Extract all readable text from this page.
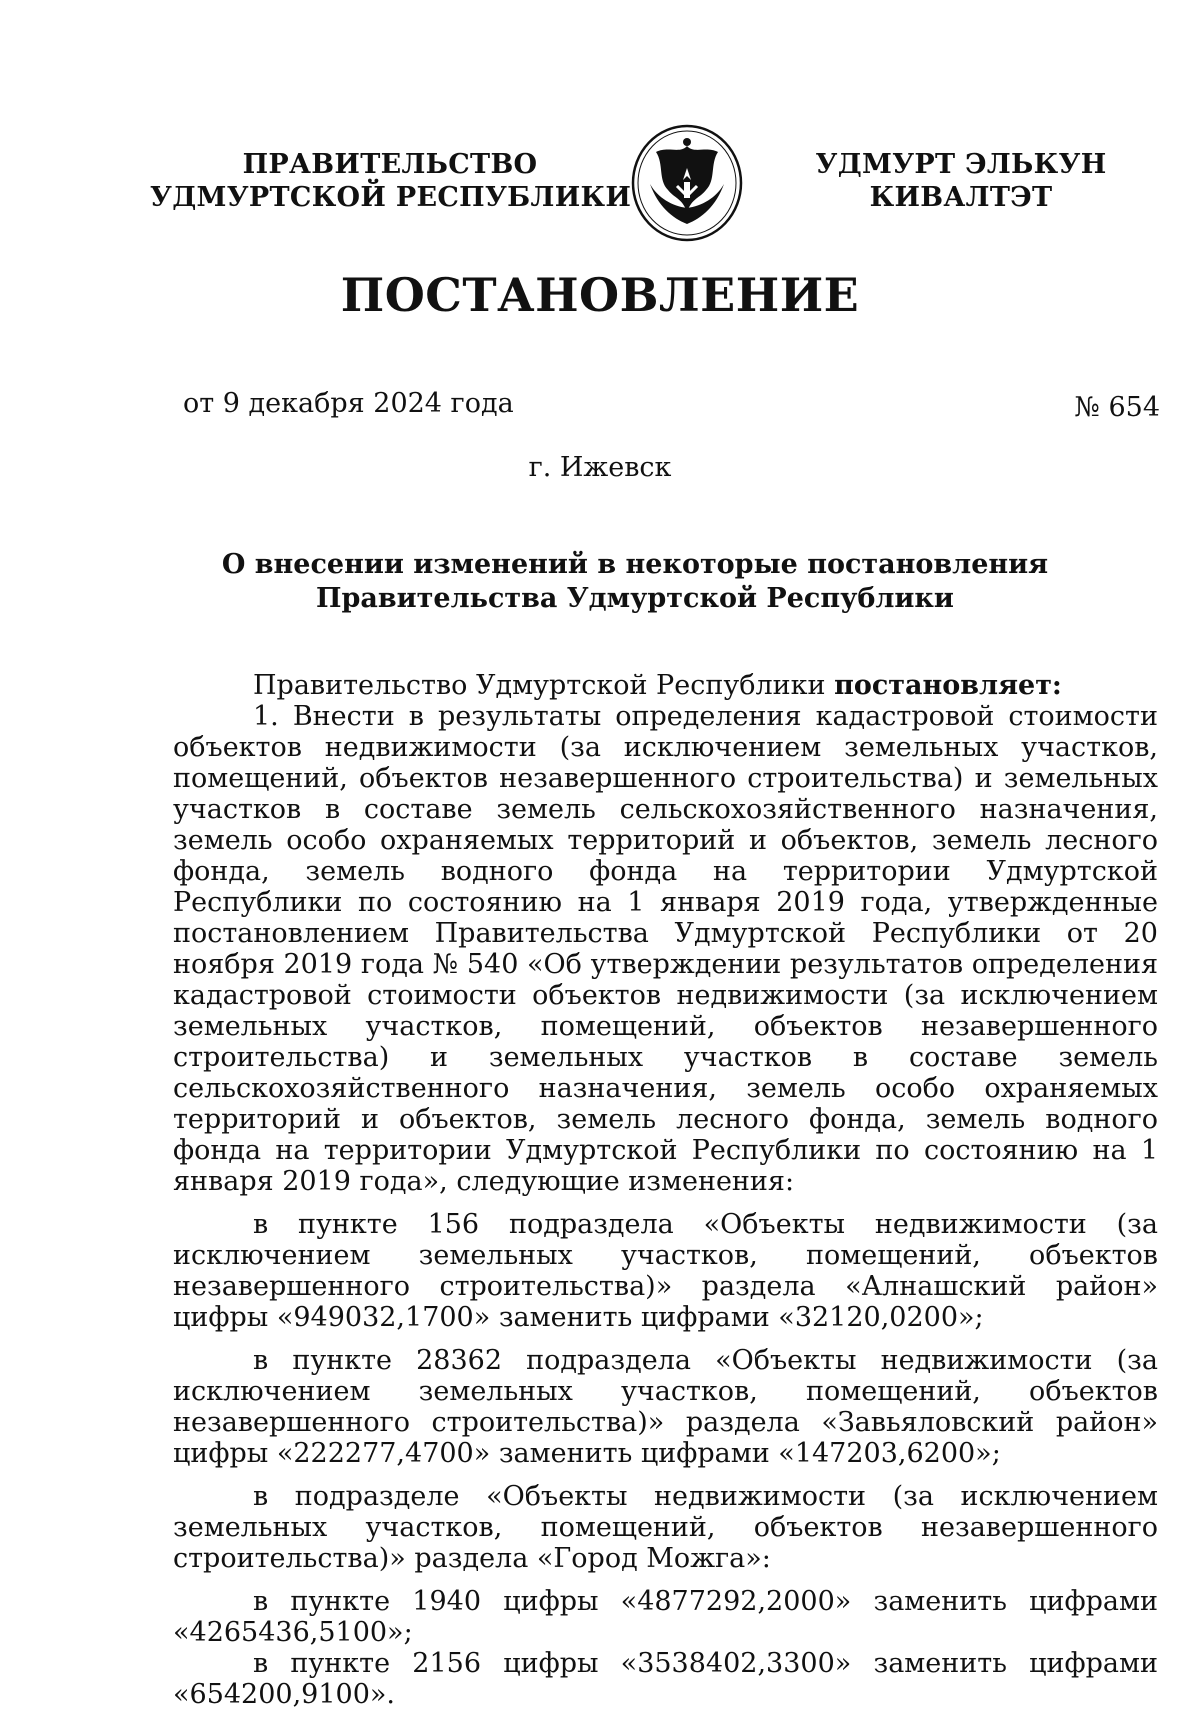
ПРАВИТЕЛЬСТВО
УДМУРТСКОЙ РЕСПУБЛИКИ
УДМУРТ ЭЛЬКУН
КИВАЛТЭТ
ПОСТАНОВЛЕНИЕ
от 9 декабря 2024 года	№ 654
г. Ижевск
О внесении изменений в некоторые постановления
Правительства Удмуртской Республики

Правительство Удмуртской Республики постановляет:

1. Внести в результаты определения кадастровой стоимости объектов недвижимости (за исключением земельных участков, помещений, объектов незавершенного строительства) и земельных участков в составе земель сельскохозяйственного назначения, земель особо охраняемых территорий и объектов, земель лесного фонда, земель водного фонда на территории Удмуртской Республики по состоянию на 1 января 2019 года, утвержденные постановлением Правительства Удмуртской Республики от 20 ноября 2019 года № 540 «Об утверждении результатов определения кадастровой стоимости объектов недвижимости (за исключением земельных участков, помещений, объектов незавершенного строительства) и земельных участков в составе земель сельскохозяйственного назначения, земель особо охраняемых территорий и объектов, земель лесного фонда, земель водного фонда на территории Удмуртской Республики по состоянию на 1 января 2019 года», следующие изменения:

в пункте 156 подраздела «Объекты недвижимости (за исключением земельных участков, помещений, объектов незавершенного строительства)» раздела «Алнашский район» цифры «949032,1700» заменить цифрами «32120,0200»;

в пункте 28362 подраздела «Объекты недвижимости (за исключением земельных участков, помещений, объектов незавершенного строительства)» раздела «Завьяловский район» цифры «222277,4700» заменить цифрами «147203,6200»;

в подразделе «Объекты недвижимости (за исключением земельных участков, помещений, объектов незавершенного строительства)» раздела «Город Можга»:

в пункте 1940 цифры «4877292,2000» заменить цифрами «4265436,5100»;

в пункте 2156 цифры «3538402,3300» заменить цифрами «654200,9100».
